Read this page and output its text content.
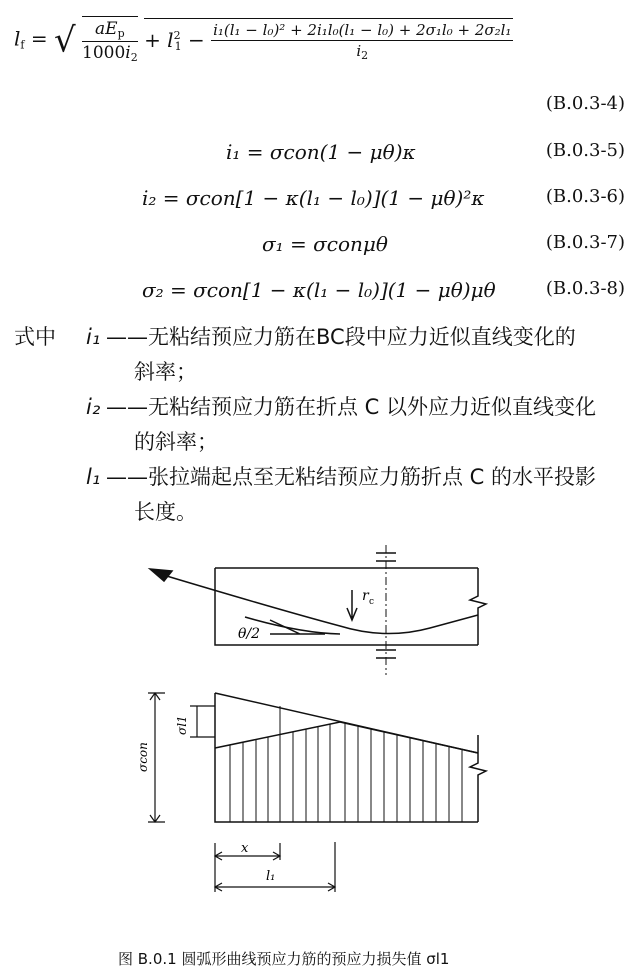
$l_f$ = √ $\frac{aE_p}{1000i_2} + l^2_1 - \frac{\text{i₁(l₁ − l₀)² + 2i₁l₀(l₁ − l₀) + 2σ₁l₀ + 2σ₂l₁}}{i_2}$
(B.0.3-4)
i₁ = σcon(1 − μθ)κ	(B.0.3-5)
i₂ = σcon[1 − κ(l₁ − l₀)](1 − μθ)²κ	(B.0.3-6)
σ₁ = σconμθ	(B.0.3-7)
σ₂ = σcon[1 − κ(l₁ − l₀)](1 − μθ)μθ	(B.0.3-8)
式中 i₁ ——无粘结预应力筋在BC段中应力近似直线变化的
斜率；
i₂ ——无粘结预应力筋在折点 C 以外应力近似直线变化
的斜率；
l₁ ——张拉端起点至无粘结预应力筋折点 C 的水平投影
长度。
θ/2
r c
σl1
σcon
x
l₁
图 B.0.1 圆弧形曲线预应力筋的预应力损失值 σl1
